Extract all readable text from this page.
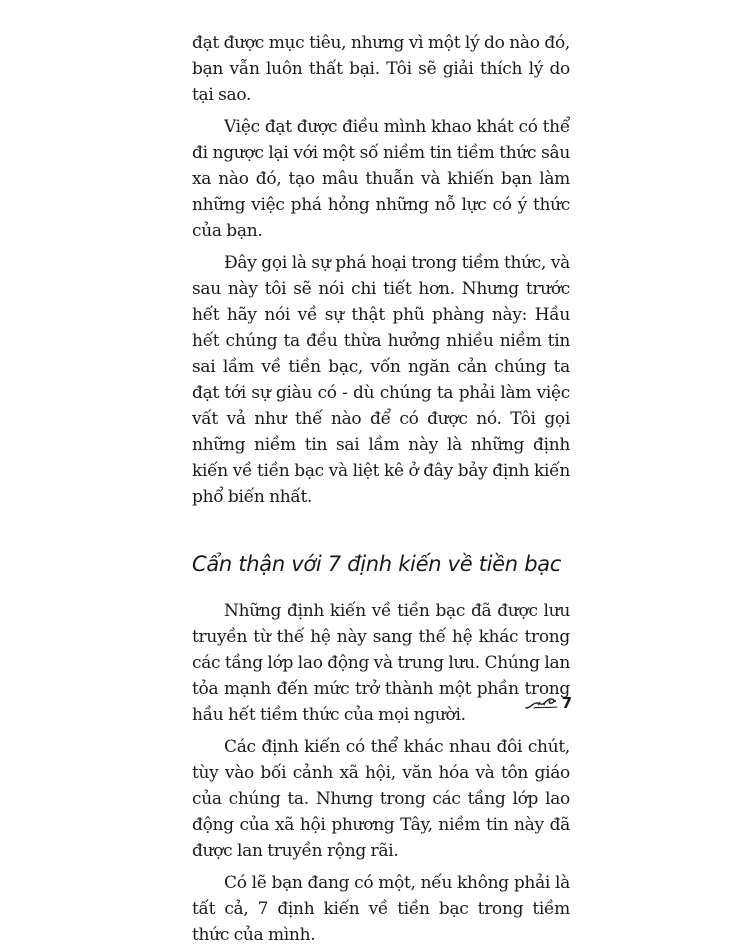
đạt được mục tiêu, nhưng vì một lý do nào đó, bạn vẫn luôn thất bại. Tôi sẽ giải thích lý do tại sao.

Việc đạt được điều mình khao khát có thể đi ngược lại với một số niềm tin tiềm thức sâu xa nào đó, tạo mâu thuẫn và khiến bạn làm những việc phá hỏng những nỗ lực có ý thức của bạn.

Đây gọi là sự phá hoại trong tiềm thức, và sau này tôi sẽ nói chi tiết hơn. Nhưng trước hết hãy nói về sự thật phũ phàng này: Hầu hết chúng ta đều thừa hưởng nhiều niềm tin sai lầm về tiền bạc, vốn ngăn cản chúng ta đạt tới sự giàu có - dù chúng ta phải làm việc vất vả như thế nào để có được nó. Tôi gọi những niềm tin sai lầm này là những định kiến về tiền bạc và liệt kê ở đây bảy định kiến phổ biến nhất.

Cẩn thận với 7 định kiến về tiền bạc

Những định kiến về tiền bạc đã được lưu truyền từ thế hệ này sang thế hệ khác trong các tầng lớp lao động và trung lưu. Chúng lan tỏa mạnh đến mức trở thành một phần trong hầu hết tiềm thức của mọi người.

Các định kiến có thể khác nhau đôi chút, tùy vào bối cảnh xã hội, văn hóa và tôn giáo của chúng ta. Nhưng trong các tầng lớp lao động của xã hội phương Tây, niềm tin này đã được lan truyền rộng rãi.

Có lẽ bạn đang có một, nếu không phải là tất cả, 7 định kiến về tiền bạc trong tiềm thức của mình.

7
